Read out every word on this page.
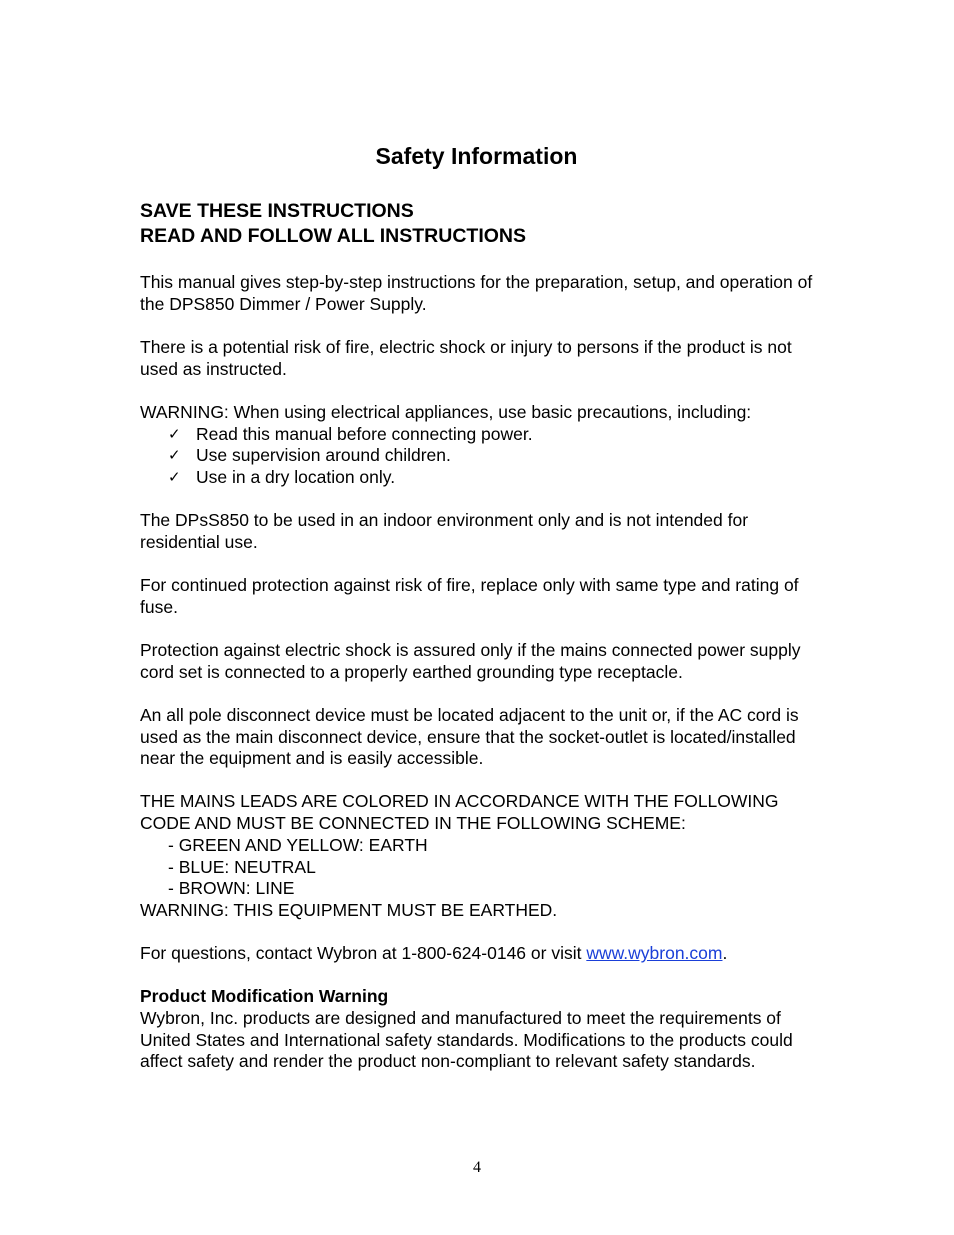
Safety Information
SAVE THESE INSTRUCTIONS
READ AND FOLLOW ALL INSTRUCTIONS

This manual gives step-by-step instructions for the preparation, setup, and operation of the DPS850 Dimmer / Power Supply.

There is a potential risk of fire, electric shock or injury to persons if the product is not used as instructed.

WARNING: When using electrical appliances, use basic precautions, including:
✓ Read this manual before connecting power.
✓ Use supervision around children.
✓ Use in a dry location only.

The DPsS850 to be used in an indoor environment only and is not intended for residential use.

For continued protection against risk of fire, replace only with same type and rating of fuse.

Protection against electric shock is assured only if the mains connected power supply cord set is connected to a properly earthed grounding type receptacle.

An all pole disconnect device must be located adjacent to the unit or, if the AC cord is used as the main disconnect device, ensure that the socket-outlet is located/installed near the equipment and is easily accessible.

THE MAINS LEADS ARE COLORED IN ACCORDANCE WITH THE FOLLOWING CODE AND MUST BE CONNECTED IN THE FOLLOWING SCHEME:
- GREEN AND YELLOW: EARTH
- BLUE: NEUTRAL
- BROWN: LINE
WARNING: THIS EQUIPMENT MUST BE EARTHED.

For questions, contact Wybron at 1-800-624-0146 or visit www.wybron.com.

Product Modification Warning
Wybron, Inc. products are designed and manufactured to meet the requirements of United States and International safety standards. Modifications to the products could affect safety and render the product non-compliant to relevant safety standards.
4
